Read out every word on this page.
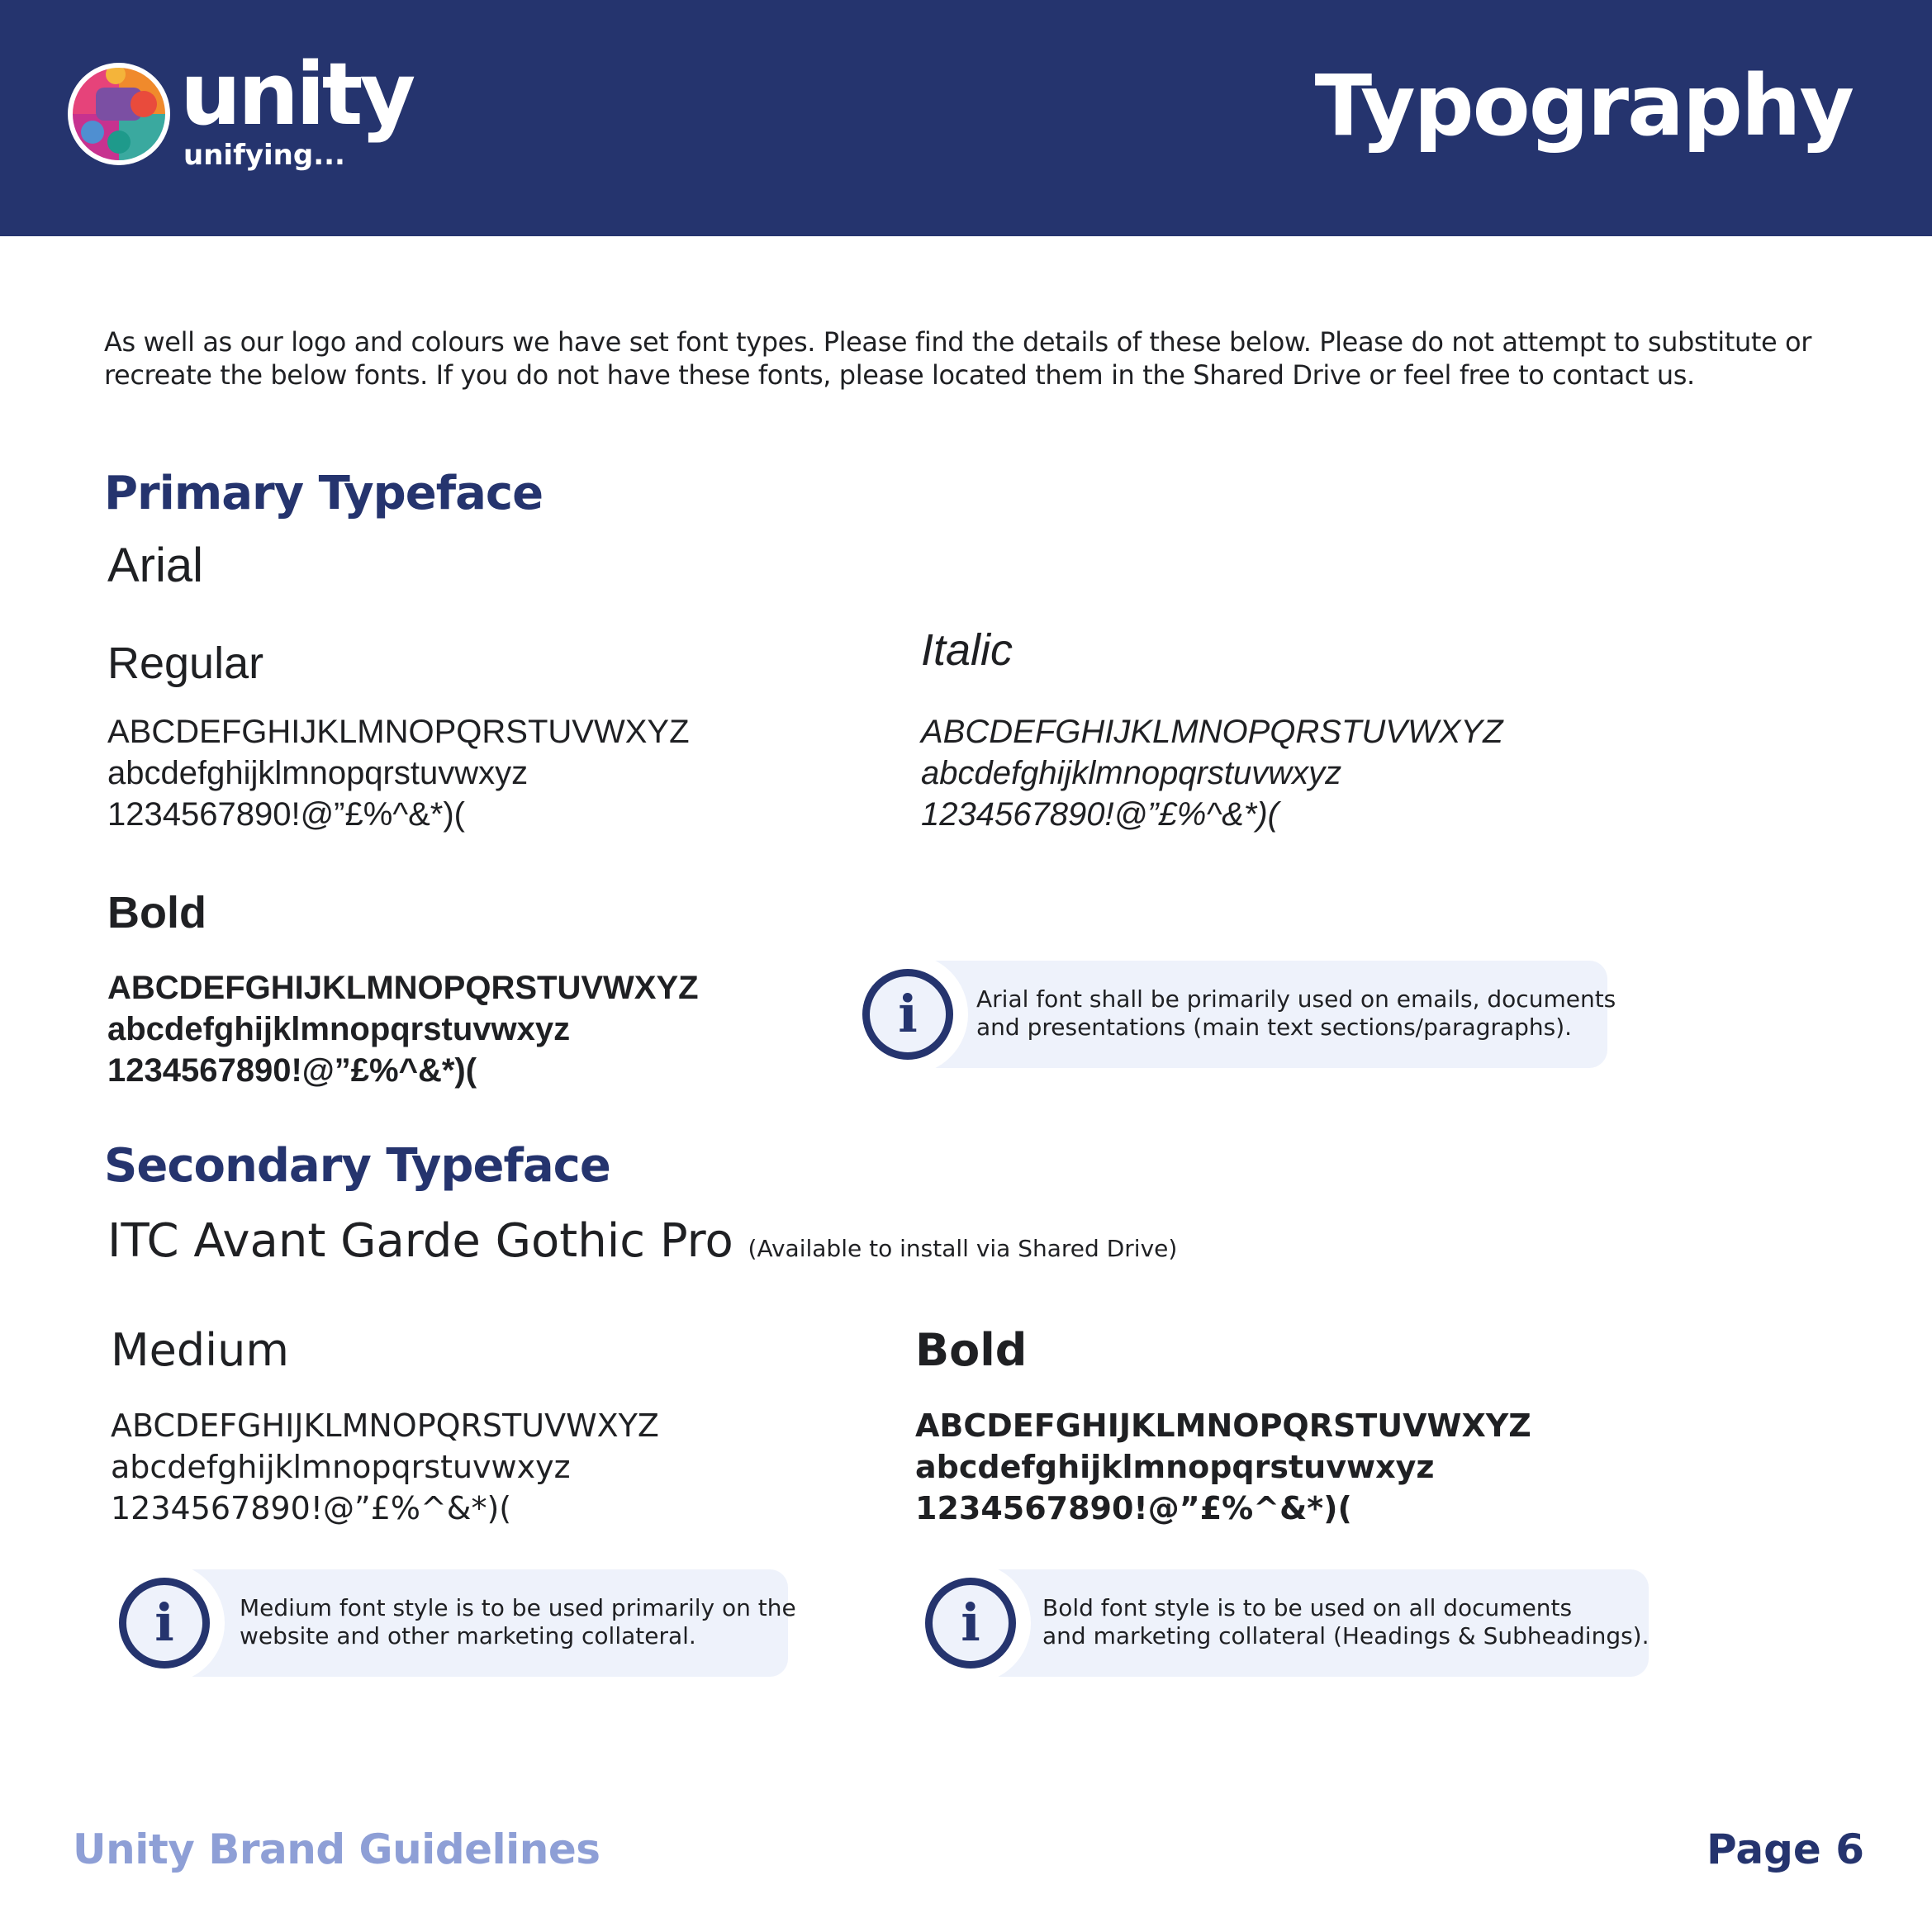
unity
unifying...	Typography
As well as our logo and colours we have set font types. Please find the details of these below. Please do not attempt to substitute or recreate the below fonts. If you do not have these fonts, please located them in the Shared Drive or feel free to contact us.
Primary Typeface
Arial
Regular
ABCDEFGHIJKLMNOPQRSTUVWXYZ
abcdefghijklmnopqrstuvwxyz
1234567890!@”£%^&*)(
Italic
ABCDEFGHIJKLMNOPQRSTUVWXYZ
abcdefghijklmnopqrstuvwxyz
1234567890!@”£%^&*)(
Bold
ABCDEFGHIJKLMNOPQRSTUVWXYZ
abcdefghijklmnopqrstuvwxyz
1234567890!@”£%^&*)(
i	Arial font shall be primarily used on emails, documents
and presentations (main text sections/paragraphs).
Secondary Typeface
ITC Avant Garde Gothic Pro (Available to install via Shared Drive)
Medium
ABCDEFGHIJKLMNOPQRSTUVWXYZ
abcdefghijklmnopqrstuvwxyz
1234567890!@”£%^&*)(
Bold
ABCDEFGHIJKLMNOPQRSTUVWXYZ
abcdefghijklmnopqrstuvwxyz
1234567890!@”£%^&*)(
i	Medium font style is to be used primarily on the
website and other marketing collateral.	i	Bold font style is to be used on all documents
and marketing collateral (Headings & Subheadings).
Unity Brand Guidelines	Page 6
